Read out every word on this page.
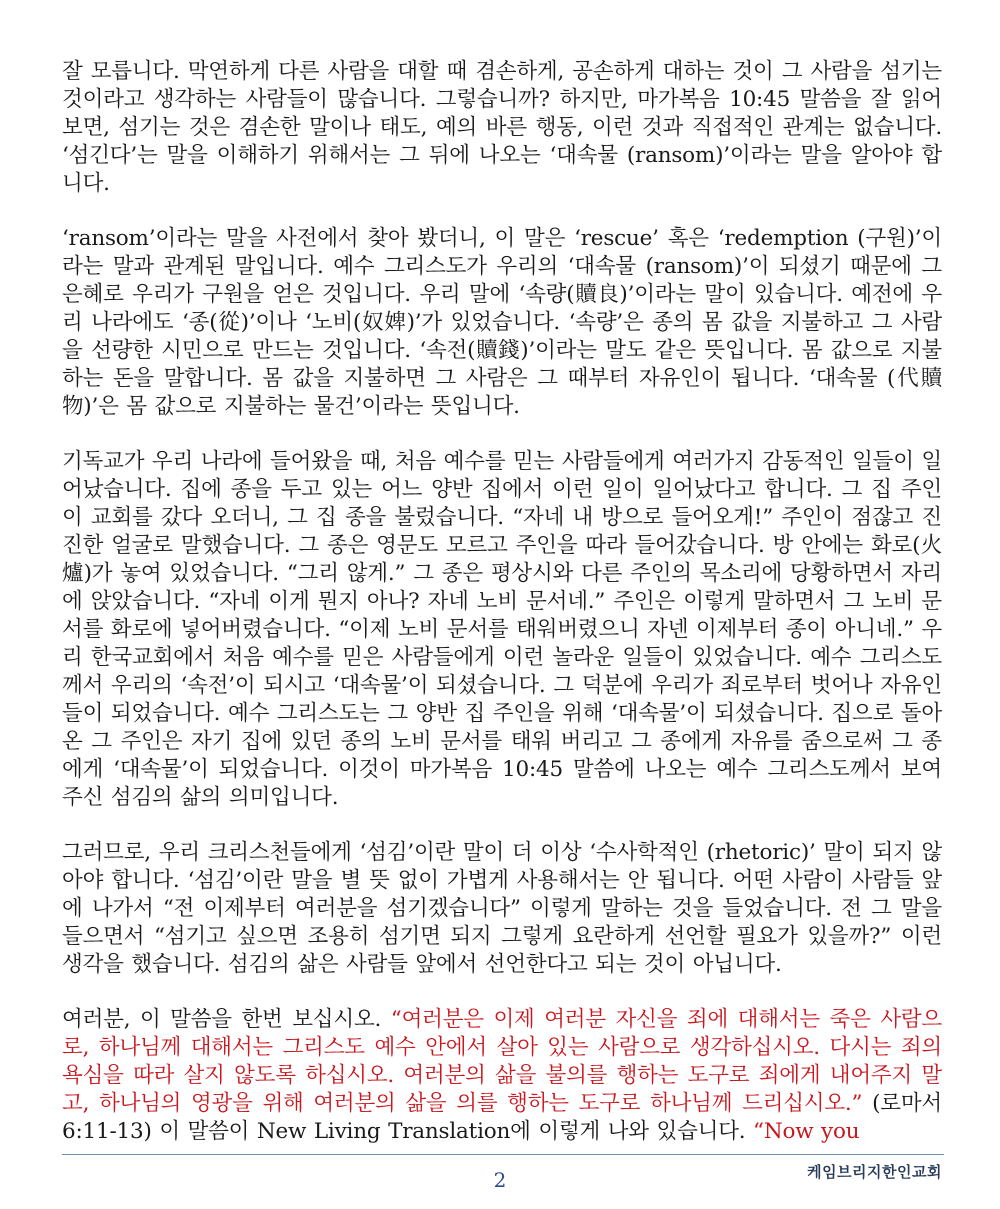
잘 모릅니다. 막연하게 다른 사람을 대할 때 겸손하게, 공손하게 대하는 것이 그 사람을 섬기는 것이라고 생각하는 사람들이 많습니다. 그렇습니까? 하지만, 마가복음 10:45 말씀을 잘 읽어 보면, 섬기는 것은 겸손한 말이나 태도, 예의 바른 행동, 이런 것과 직접적인 관계는 없습니다. ‘섬긴다’는 말을 이해하기 위해서는 그 뒤에 나오는 ‘대속물 (ransom)’이라는 말을 알아야 합니다.

‘ransom’이라는 말을 사전에서 찾아 봤더니, 이 말은 ‘rescue’ 혹은 ‘redemption (구원)’이라는 말과 관계된 말입니다. 예수 그리스도가 우리의 ‘대속물 (ransom)’이 되셨기 때문에 그 은혜로 우리가 구원을 얻은 것입니다. 우리 말에 ‘속량(贖良)’이라는 말이 있습니다. 예전에 우리 나라에도 ‘종(從)’이나 ‘노비(奴婢)’가 있었습니다. ‘속량’은 종의 몸 값을 지불하고 그 사람을 선량한 시민으로 만드는 것입니다. ‘속전(贖錢)’이라는 말도 같은 뜻입니다. 몸 값으로 지불하는 돈을 말합니다. 몸 값을 지불하면 그 사람은 그 때부터 자유인이 됩니다. ‘대속물 (代贖物)’은 몸 값으로 지불하는 물건’이라는 뜻입니다.

기독교가 우리 나라에 들어왔을 때, 처음 예수를 믿는 사람들에게 여러가지 감동적인 일들이 일어났습니다. 집에 종을 두고 있는 어느 양반 집에서 이런 일이 일어났다고 합니다. 그 집 주인이 교회를 갔다 오더니, 그 집 종을 불렀습니다. “자네 내 방으로 들어오게!” 주인이 점잖고 진진한 얼굴로 말했습니다. 그 종은 영문도 모르고 주인을 따라 들어갔습니다. 방 안에는 화로(火爐)가 놓여 있었습니다. “그리 않게.” 그 종은 평상시와 다른 주인의 목소리에 당황하면서 자리에 앉았습니다. “자네 이게 뭔지 아나? 자네 노비 문서네.” 주인은 이렇게 말하면서 그 노비 문서를 화로에 넣어버렸습니다. “이제 노비 문서를 태워버렸으니 자넨 이제부터 종이 아니네.” 우리 한국교회에서 처음 예수를 믿은 사람들에게 이런 놀라운 일들이 있었습니다. 예수 그리스도께서 우리의 ‘속전’이 되시고 ‘대속물’이 되셨습니다. 그 덕분에 우리가 죄로부터 벗어나 자유인들이 되었습니다. 예수 그리스도는 그 양반 집 주인을 위해 ‘대속물’이 되셨습니다. 집으로 돌아온 그 주인은 자기 집에 있던 종의 노비 문서를 태워 버리고 그 종에게 자유를 줌으로써 그 종에게 ‘대속물’이 되었습니다. 이것이 마가복음 10:45 말씀에 나오는 예수 그리스도께서 보여 주신 섬김의 삶의 의미입니다.

그러므로, 우리 크리스천들에게 ‘섬김’이란 말이 더 이상 ‘수사학적인 (rhetoric)’ 말이 되지 않아야 합니다. ‘섬김’이란 말을 별 뜻 없이 가볍게 사용해서는 안 됩니다. 어떤 사람이 사람들 앞에 나가서 “전 이제부터 여러분을 섬기겠습니다” 이렇게 말하는 것을 들었습니다. 전 그 말을 들으면서 “섬기고 싶으면 조용히 섬기면 되지 그렇게 요란하게 선언할 필요가 있을까?” 이런 생각을 했습니다. 섬김의 삶은 사람들 앞에서 선언한다고 되는 것이 아닙니다.

여러분, 이 말씀을 한번 보십시오. “여러분은 이제 여러분 자신을 죄에 대해서는 죽은 사람으로, 하나님께 대해서는 그리스도 예수 안에서 살아 있는 사람으로 생각하십시오. 다시는 죄의 욕심을 따라 살지 않도록 하십시오. 여러분의 삶을 불의를 행하는 도구로 죄에게 내어주지 말고, 하나님의 영광을 위해 여러분의 삶을 의를 행하는 도구로 하나님께 드리십시오.” (로마서 6:11-13) 이 말씀이 New Living Translation에 이렇게 나와 있습니다. “Now you

케임브리지한인교회
2
